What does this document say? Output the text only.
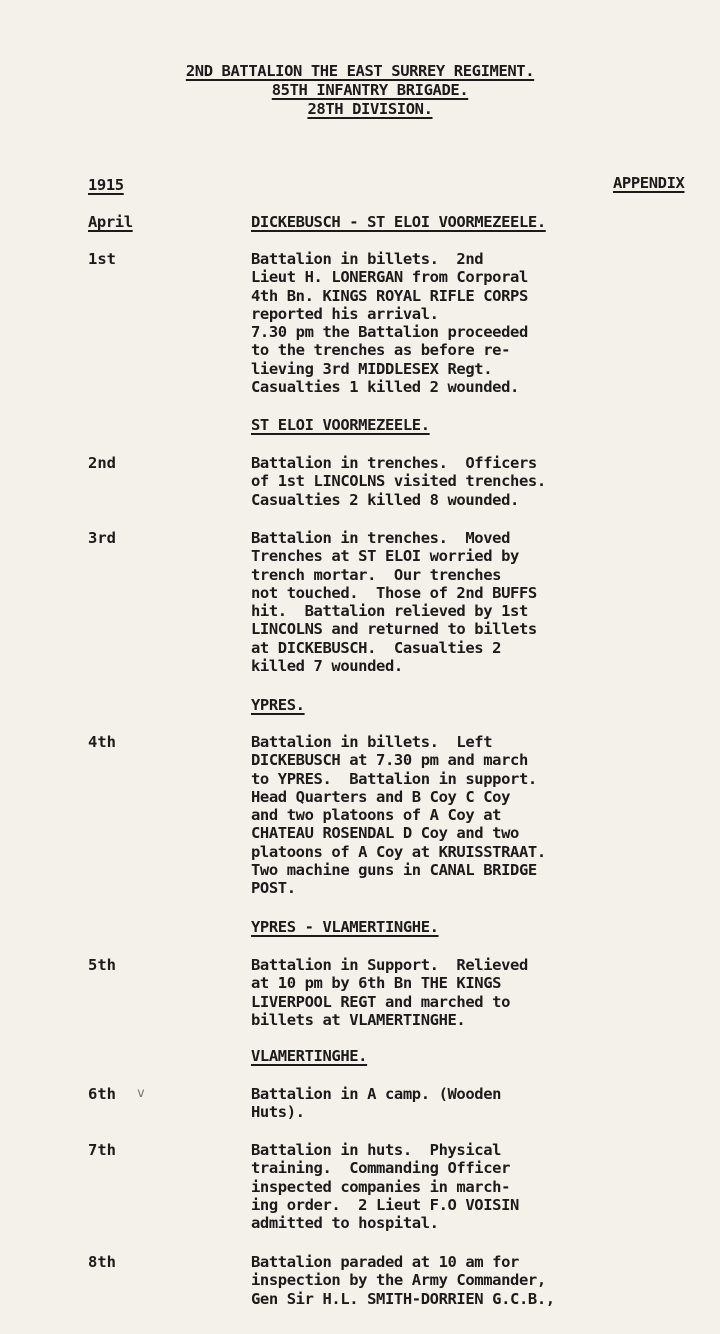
2ND BATTALION THE EAST SURREY REGIMENT.
85TH INFANTRY BRIGADE.
28TH DIVISION.
1915	APPENDIX
April	DICKEBUSCH - ST ELOI VOORMEZEELE.
1st	Battalion in billets.  2nd
Lieut H. LONERGAN from Corporal
4th Bn. KINGS ROYAL RIFLE CORPS
reported his arrival.
7.30 pm the Battalion proceeded
to the trenches as before re-
lieving 3rd MIDDLESEX Regt.
Casualties 1 killed 2 wounded.
ST ELOI VOORMEZEELE.
2nd	Battalion in trenches.  Officers
of 1st LINCOLNS visited trenches.
Casualties 2 killed 8 wounded.
3rd	Battalion in trenches.  Moved
Trenches at ST ELOI worried by
trench mortar.  Our trenches
not touched.  Those of 2nd BUFFS
hit.  Battalion relieved by 1st
LINCOLNS and returned to billets
at DICKEBUSCH.  Casualties 2
killed 7 wounded.
YPRES.
4th	Battalion in billets.  Left
DICKEBUSCH at 7.30 pm and march
to YPRES.  Battalion in support.
Head Quarters and B Coy C Coy
and two platoons of A Coy at
CHATEAU ROSENDAL D Coy and two
platoons of A Coy at KRUISSTRAAT.
Two machine guns in CANAL BRIDGE
POST.
YPRES - VLAMERTINGHE.
5th	Battalion in Support.  Relieved
at 10 pm by 6th Bn THE KINGS
LIVERPOOL REGT and marched to
billets at VLAMERTINGHE.
VLAMERTINGHE.
6th v	Battalion in A camp. (Wooden
Huts).
7th	Battalion in huts.  Physical
training.  Commanding Officer
inspected companies in march-
ing order.  2 Lieut F.O VOISIN
admitted to hospital.
8th	Battalion paraded at 10 am for
inspection by the Army Commander,
Gen Sir H.L. SMITH-DORRIEN G.C.B.,
